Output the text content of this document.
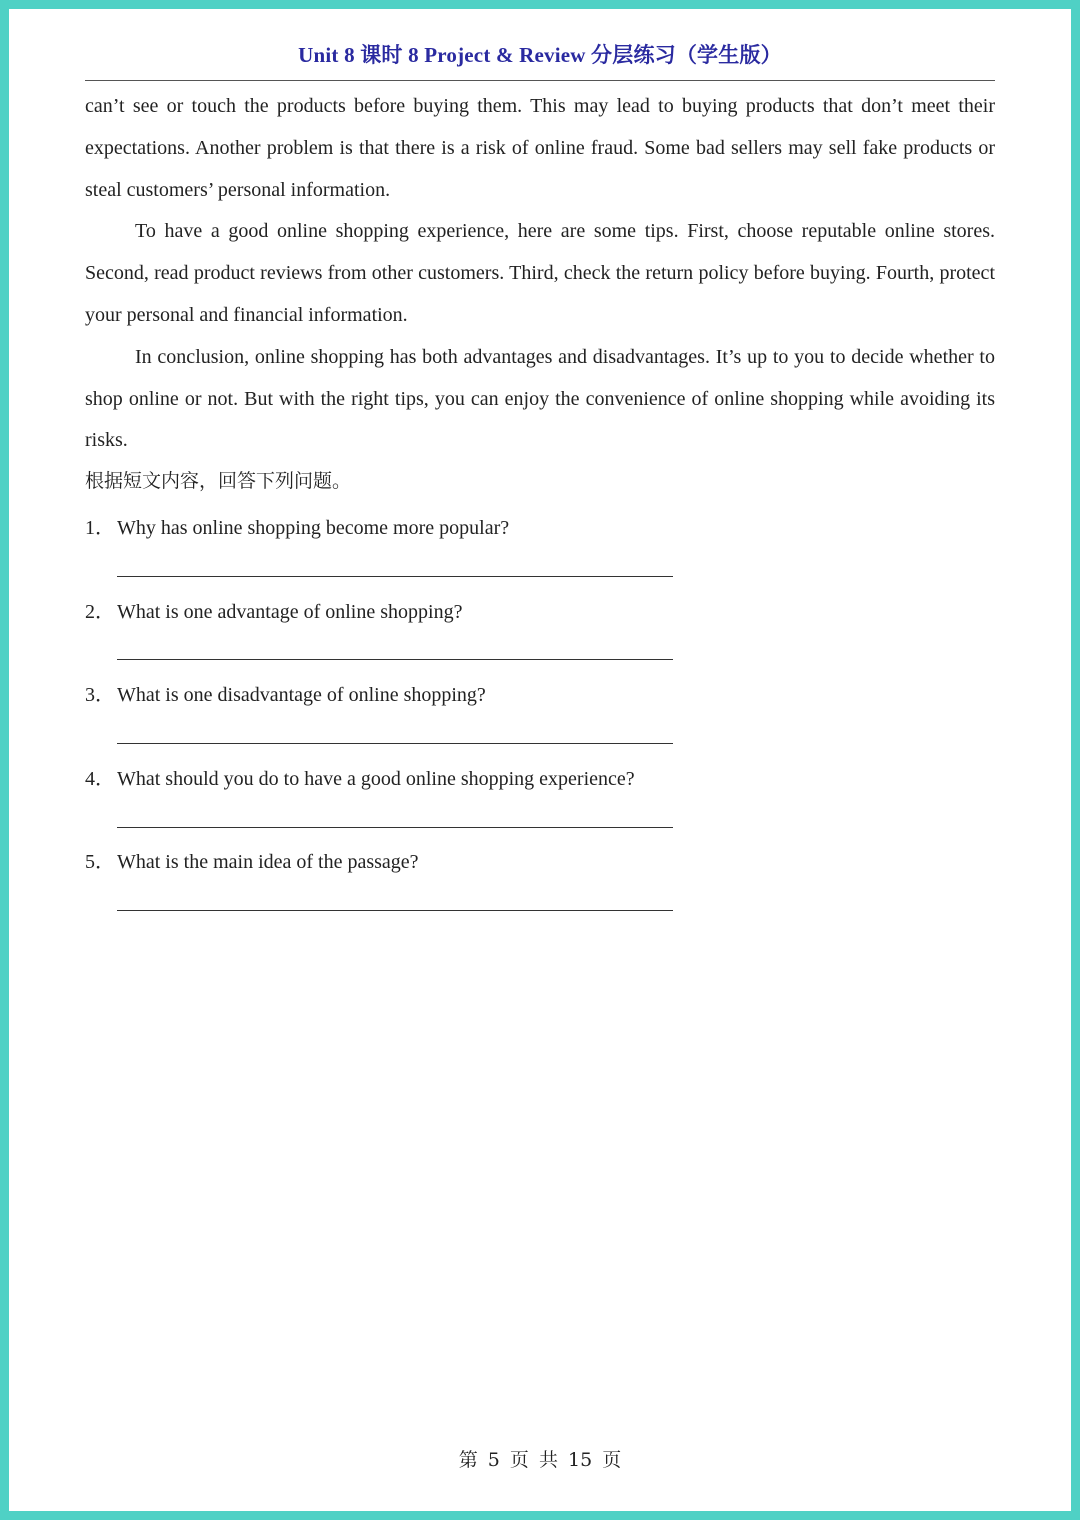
Unit 8 课时 8 Project & Review 分层练习（学生版）

can’t see or touch the products before buying them. This may lead to buying products that don’t meet their expectations. Another problem is that there is a risk of online fraud. Some bad sellers may sell fake products or steal customers’ personal information.

To have a good online shopping experience, here are some tips. First, choose reputable online stores. Second, read product reviews from other customers. Third, check the return policy before buying. Fourth, protect your personal and financial information.

In conclusion, online shopping has both advantages and disadvantages. It’s up to you to decide whether to shop online or not. But with the right tips, you can enjoy the convenience of online shopping while avoiding its risks.

根据短文内容，回答下列问题。
1． Why has online shopping become more popular?
2． What is one advantage of online shopping?
3． What is one disadvantage of online shopping?
4． What should you do to have a good online shopping experience?
5． What is the main idea of the passage?
第 5 页 共 15 页
